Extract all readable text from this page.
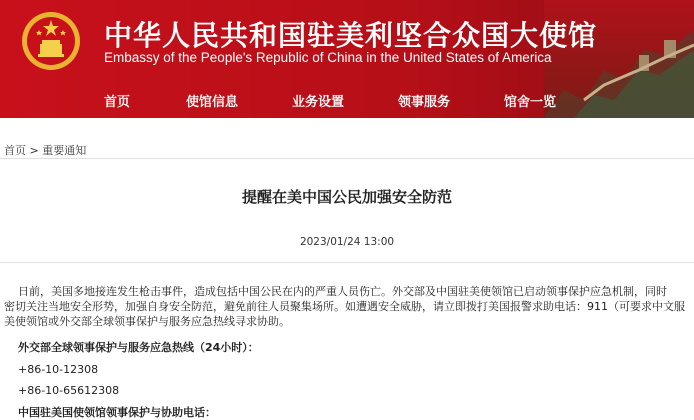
中华人民共和国驻美利坚合众国大使馆
Embassy of the People's Republic of China in the United States of America
首页	使馆信息	业务设置	领事服务	馆舍一览
首页 > 重要通知
提醒在美中国公民加强安全防范
2023/01/24 13:00
日前，美国多地接连发生枪击事件，造成包括中国公民在内的严重人员伤亡。外交部及中国驻美使领馆已启动领事保护应急机制，同时
密切关注当地安全形势，加强自身安全防范，避免前往人员聚集场所。如遭遇安全威胁，请立即拨打美国报警求助电话：911（可要求中文服
美使领馆或外交部全球领事保护与服务应急热线寻求协助。
外交部全球领事保护与服务应急热线（24小时）：
+86-10-12308
+86-10-65612308
中国驻美国使领馆领事保护与协助电话：
